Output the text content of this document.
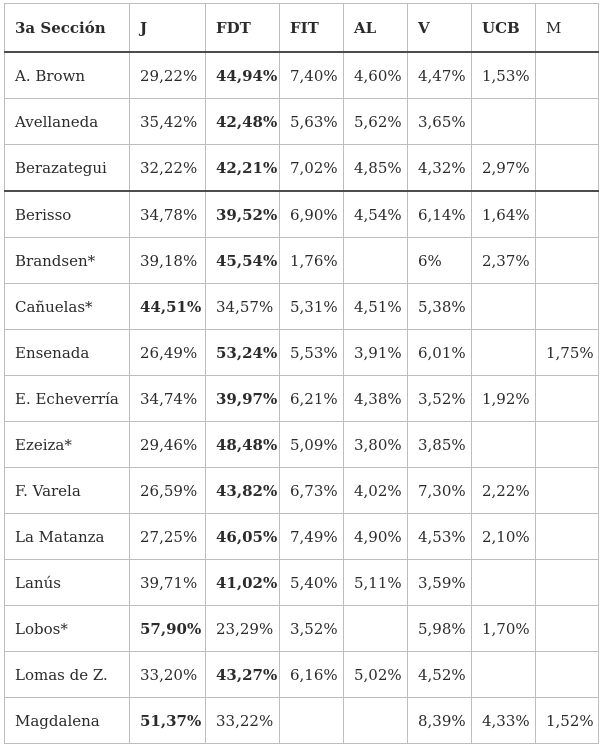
3a Sección	J	FDT	FIT	AL	V	UCB	M
A. Brown	29,22%	44,94%	7,40%	4,60%	4,47%	1,53%	
Avellaneda	35,42%	42,48%	5,63%	5,62%	3,65%		
Berazategui	32,22%	42,21%	7,02%	4,85%	4,32%	2,97%	
Berisso	34,78%	39,52%	6,90%	4,54%	6,14%	1,64%	
Brandsen*	39,18%	45,54%	1,76%		6%	2,37%	
Cañuelas*	44,51%	34,57%	5,31%	4,51%	5,38%		
Ensenada	26,49%	53,24%	5,53%	3,91%	6,01%		1,75%
E. Echeverría	34,74%	39,97%	6,21%	4,38%	3,52%	1,92%	
Ezeiza*	29,46%	48,48%	5,09%	3,80%	3,85%		
F. Varela	26,59%	43,82%	6,73%	4,02%	7,30%	2,22%	
La Matanza	27,25%	46,05%	7,49%	4,90%	4,53%	2,10%	
Lanús	39,71%	41,02%	5,40%	5,11%	3,59%		
Lobos*	57,90%	23,29%	3,52%		5,98%	1,70%	
Lomas de Z.	33,20%	43,27%	6,16%	5,02%	4,52%		
Magdalena	51,37%	33,22%			8,39%	4,33%	1,52%
